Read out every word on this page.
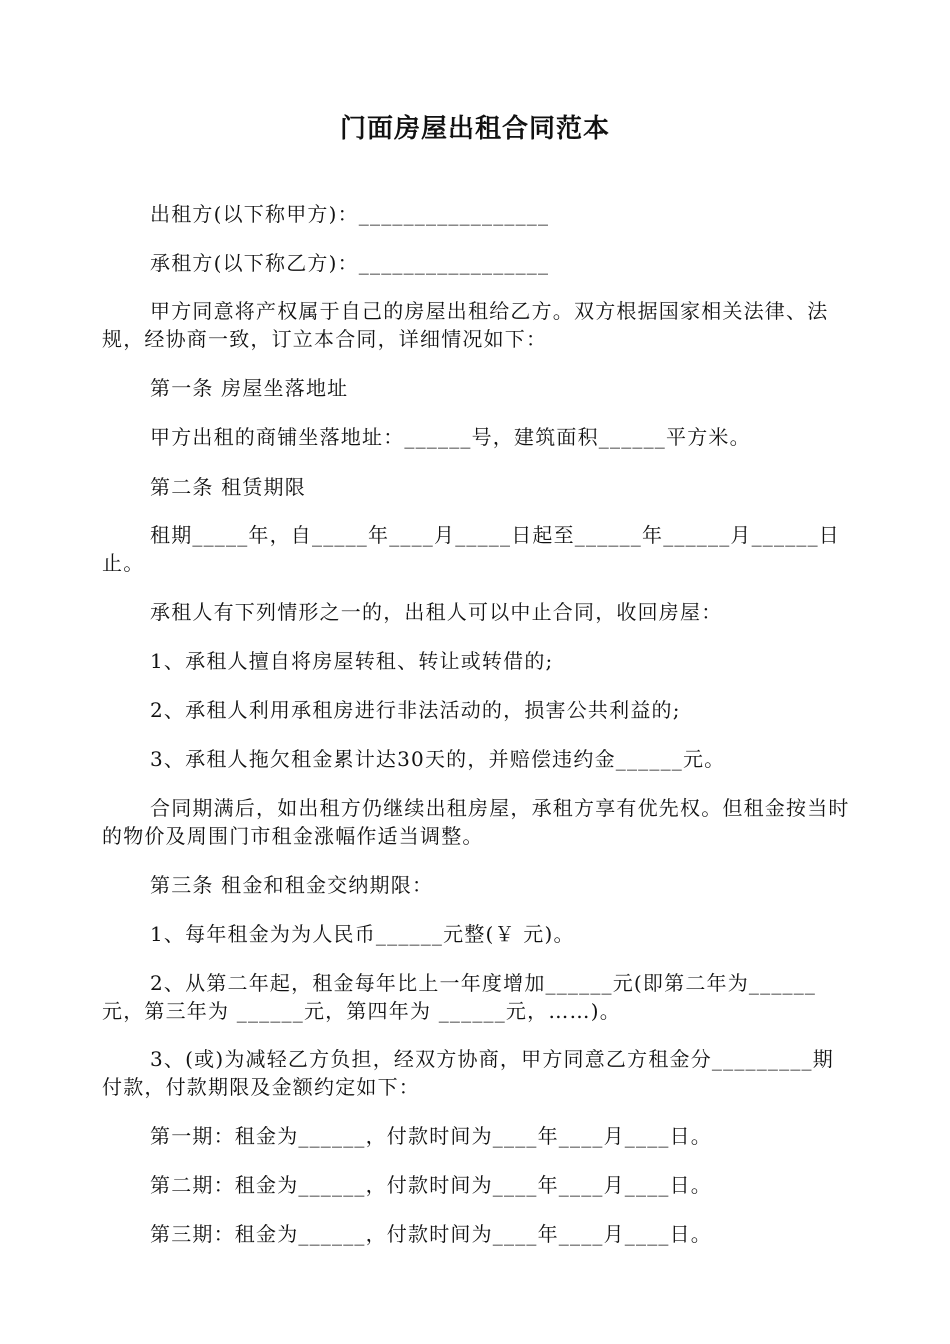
门面房屋出租合同范本

出租方(以下称甲方)：_________________

承租方(以下称乙方)：_________________

甲方同意将产权属于自己的房屋出租给乙方。双方根据国家相关法律、法规，经协商一致，订立本合同，详细情况如下：

第一条 房屋坐落地址

甲方出租的商铺坐落地址：______号，建筑面积______平方米。

第二条 租赁期限

租期_____年，自_____年____月_____日起至______年______月______日止。

承租人有下列情形之一的，出租人可以中止合同，收回房屋：

1、承租人擅自将房屋转租、转让或转借的;

2、承租人利用承租房进行非法活动的，损害公共利益的;

3、承租人拖欠租金累计达30天的，并赔偿违约金______元。

合同期满后，如出租方仍继续出租房屋，承租方享有优先权。但租金按当时的物价及周围门市租金涨幅作适当调整。

第三条 租金和租金交纳期限：

1、每年租金为为人民币______元整(￥ 元)。

2、从第二年起，租金每年比上一年度增加______元(即第二年为______元，第三年为 ______元，第四年为 ______元，……)。

3、(或)为减轻乙方负担，经双方协商，甲方同意乙方租金分_________期付款，付款期限及金额约定如下：

第一期：租金为______，付款时间为____年____月____日。

第二期：租金为______，付款时间为____年____月____日。

第三期：租金为______，付款时间为____年____月____日。
